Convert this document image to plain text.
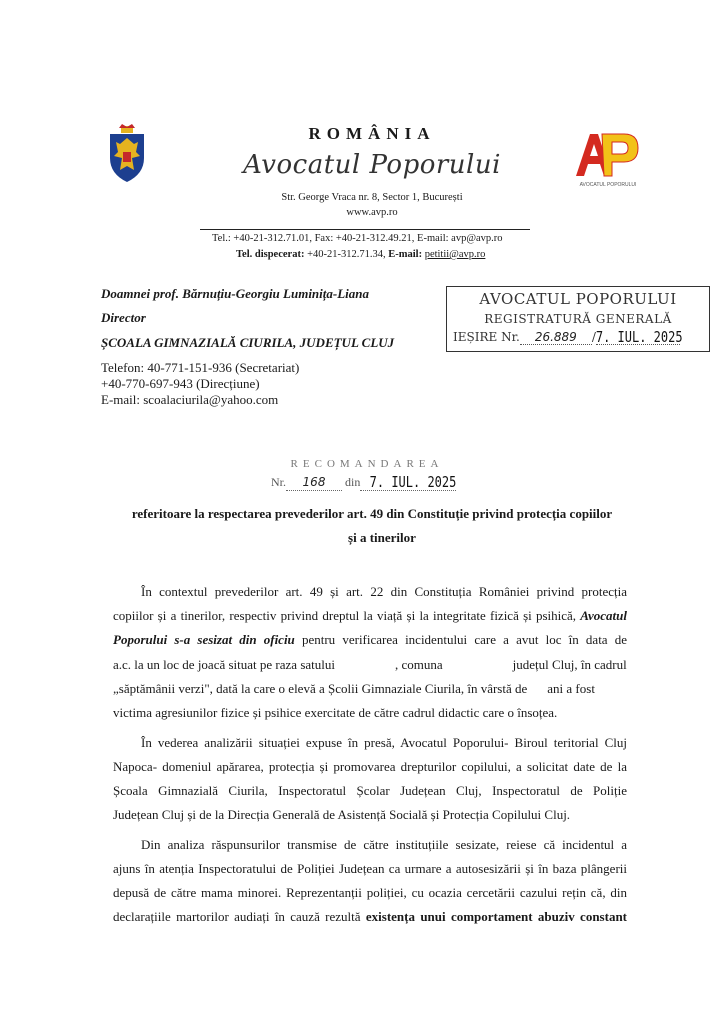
ROMÂNIA
Avocatul Poporului
Str. George Vraca nr. 8, Sector 1, București
www.avp.ro
AVOCATUL POPORULUI
Tel.: +40-21-312.71.01, Fax: +40-21-312.49.21, E-mail: avp@avp.ro
Tel. dispecerat: +40-21-312.71.34, E-mail: petitii@avp.ro
Doamnei prof. Bărnuțiu-Georgiu Luminița-Liana
Director
ȘCOALA GIMNAZIALĂ CIURILA, JUDEȚUL CLUJ
Telefon: 40-771-151-936 (Secretariat)
+40-770-697-943 (Direcțiune)
E-mail: scoalaciurila@yahoo.com
AVOCATUL POPORULUI
REGISTRATURĂ GENERALĂ
IEȘIRE Nr. 26.889 /7. IUL. 2025
RECOMANDAREA
Nr. 168 din 7. IUL. 2025
referitoare la respectarea prevederilor art. 49 din Constituție privind protecția copiilor
și a tinerilor
În contextul prevederilor art. 49 și art. 22 din Constituția României privind protecția
copiilor și a tinerilor, respectiv privind dreptul la viață și la integritate fizică și psihică, Avocatul
Poporului s-a sesizat din oficiu pentru verificarea incidentului care a avut loc în data de
a.c. la un loc de joacă situat pe raza satului	, comuna	județul Cluj, în cadrul
„săptămânii verzi", dată la care o elevă a Școlii Gimnaziale Ciurila, în vârstă de ani a fost
victima agresiunilor fizice și psihice exercitate de către cadrul didactic care o însoțea.
În vederea analizării situației expuse în presă, Avocatul Poporului- Biroul teritorial Cluj
Napoca- domeniul apărarea, protecția și promovarea drepturilor copilului, a solicitat date de la
Școala Gimnazială Ciurila, Inspectoratul Școlar Județean Cluj, Inspectoratul de Poliție
Județean Cluj și de la Direcția Generală de Asistență Socială și Protecția Copilului Cluj.
Din analiza răspunsurilor transmise de către instituțiile sesizate, reiese că incidentul a
ajuns în atenția Inspectoratului de Poliției Județean ca urmare a autosesizării și în baza plângerii
depusă de către mama minorei. Reprezentanții poliției, cu ocazia cercetării cazului rețin că, din
declarațiile martorilor audiați în cauză rezultă existența unui comportament abuziv constant
